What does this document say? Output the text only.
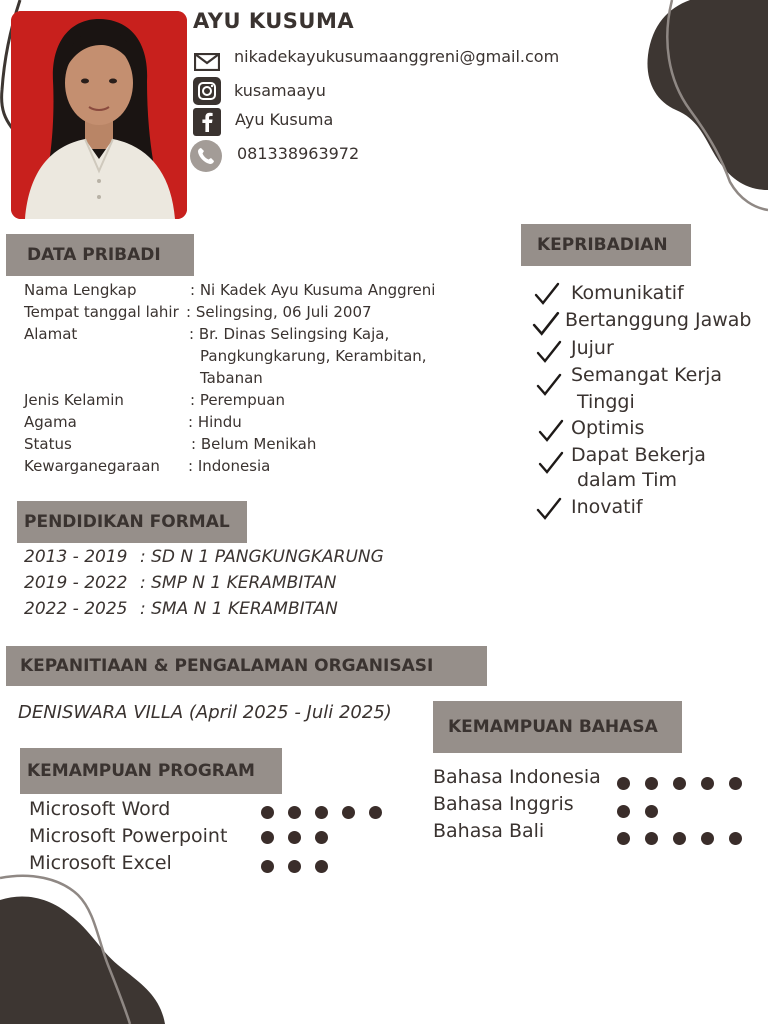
AYU KUSUMA
nikadekayukusumaanggreni@gmail.com
kusamaayu
Ayu Kusuma
081338963972
DATA PRIBADI
Nama Lengkap	: Ni Kadek Ayu Kusuma Anggreni
Tempat tanggal lahir : Selingsing, 06 Juli 2007
Alamat	: Br. Dinas Selingsing Kaja,
Pangkungkarung, Kerambitan,
Tabanan
Jenis Kelamin	: Perempuan
Agama	: Hindu
Status	: Belum Menikah
Kewarganegaraan : Indonesia
KEPRIBADIAN
Komunikatif
Bertanggung Jawab
Jujur
Semangat Kerja
Tinggi
Optimis
Dapat Bekerja
dalam Tim
Inovatif
PENDIDIKAN FORMAL
2013 - 2019 : SD N 1 PANGKUNGKARUNG
2019 - 2022 : SMP N 1 KERAMBITAN
2022 - 2025 : SMA N 1 KERAMBITAN
KEPANITIAAN & PENGALAMAN ORGANISASI
DENISWARA VILLA (April 2025 - Juli 2025)
KEMAMPUAN PROGRAM
Microsoft Word
Microsoft Powerpoint
Microsoft Excel
KEMAMPUAN BAHASA
Bahasa Indonesia
Bahasa Inggris
Bahasa Bali
